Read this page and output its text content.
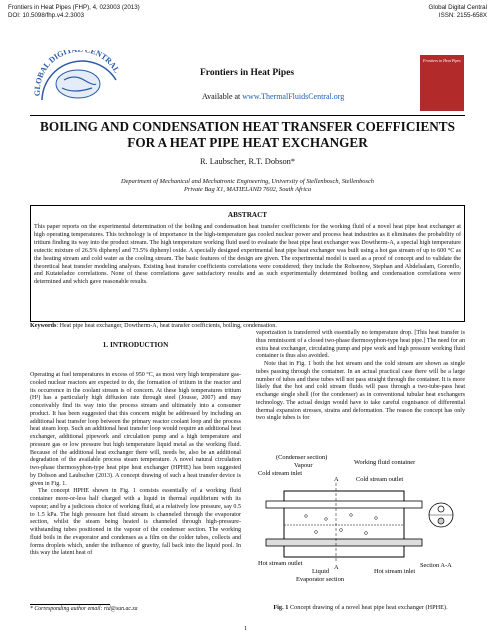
Frontiers in Heat Pipes (FHP), 4, 023003 (2013)
DOI: 10.5098/fhp.v4.2.3003
Global Digital Central
ISSN: 2155-658X
OBAL DIGIT CENTRAL	Frontiers in Heat Pipes
Available at www.ThermalFluidsCentral.org
Frontiers in Heat Pipes
BOILING AND CONDENSATION HEAT TRANSFER COEFFICIENTS
FOR A HEAT PIPE HEAT EXCHANGER
R. Laubscher, R.T. Dobson*
Department of Mechanical and Mechatronic Engineering, University of Stellenbosch, Stellenbosch
Private Bag X1, MATIELAND 7602, South Africa
ABSTRACT
This paper reports on the experimental determination of the boiling and condensation heat transfer coefficients for the working fluid of a novel heat pipe heat exchanger at high operating temperatures. This technology is of importance in the high-temperature gas cooled nuclear power and process heat industries as it eliminates the probability of tritium finding its way into the product stream. The high temperature working fluid used to evaluate the heat pipe heat exchanger was Dowtherm-A, a special high temperature eutectic mixture of 26.5% diphenyl and 73.5% diphenyl oxide. A specially designed experimental heat pipe heat exchanger was built using a hot gas stream of up to 600 °C as the heating stream and cold water as the cooling stream. The basic features of the design are given. The experimental model is used as a proof of concept and to validate the theoretical heat transfer modeling analyses. Existing heat transfer coefficients correlations were considered; they include the Rohsenow, Stephan and Abdelsalam, Gorenflo, and Kutateladze correlations. None of these correlations gave satisfactory results and as such experimentally determined boiling and condensation correlations were determined and which gave reasonable results.
Keywords: Heat pipe heat exchanger, Dowtherm-A, heat transfer coefficients, boiling, condensation.
1. INTRODUCTION

Operating at fuel temperatures in excess of 950 °C, as most very high temperature gas-cooled nuclear reactors are expected to do, the formation of tritium in the reactor and its occurrence in the coolant stream is of concern. At these high temperatures tritium (H³) has a particularly high diffusion rate through steel (Jousse, 2007) and may conceivably find its way into the process stream and ultimately into a consumer product. It has been suggested that this concern might be addressed by including an additional heat transfer loop between the primary reactor coolant loop and the process heat steam loop. Such an additional heat transfer loop would require an additional heat exchanger, additional pipework and circulation pump and a high temperature and pressure gas or low pressure but high temperature liquid metal as the working fluid. Because of the additional heat exchanger there will, needs be, also be an additional degradation of the available process steam temperature. A novel natural circulation two-phase thermosyphon-type heat pipe heat exchanger (HPHE) has been suggested by Dobson and Laubscher (2013). A concept drawing of such a heat transfer device is given in Fig. 1.

The concept HPHE shown in Fig. 1 consists essentially of a working fluid container more-or-less half charged with a liquid in thermal equilibrium with its vapour; and by a judicious choice of working fluid, at a relatively low pressure, say 0.5 to 1.5 kPa. The high pressure hot fluid stream is channeled through the evaporator section, whilst the steam being heated is channeled through high-pressure-withstanding tubes positioned in the vapour of the condenser section. The working fluid boils in the evaporator and condenses as a film on the colder tubes, collects and forms droplets which, under the influence of gravity, fall back into the liquid pool. In this way the latent heat of

* Corresponding author email: rtd@sun.ac.za

vaporization is transferred with essentially no temperature drop. [This heat transfer is thus reminiscent of a closed two-phase thermosyphon-type heat pipe.] The need for an extra heat exchanger, circulating pump and pipe work and high pressure working fluid container is thus also avoided.

Note that in Fig. 1 both the hot stream and the cold stream are shown as single tubes passing through the container. In an actual practical case there will be a large number of tubes and these tubes will not pass straight through the container. It is more likely that the hot and cold stream fluids will pass through a two-tube-pass heat exchange single shell (for the condenser) as in conventional tubular heat exchangers technology. The actual design would have to take careful cognisance of differential thermal expansion stresses, strains and deformation. The reason the concept has only two single tubes is for

(Condenser section)
Vapour	Working fluid container
Cold stream inlet
Cold stream outlet
A
A
Hot stream outlet
Liquid
Evaporator section
Hot stream inlet
Section A-A
Fig. 1 Concept drawing of a novel heat pipe heat exchanger (HPHE).
1
